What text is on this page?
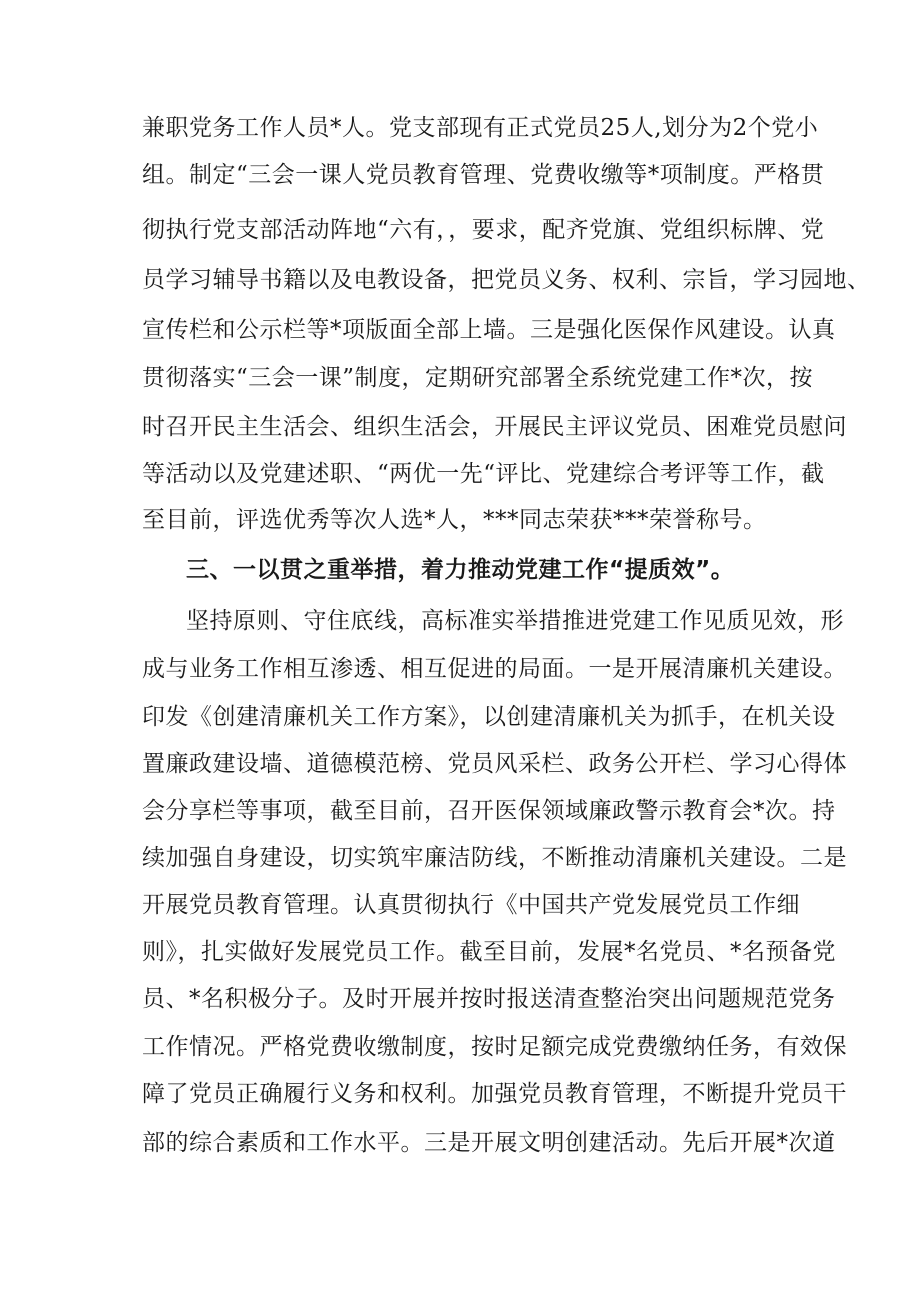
兼职党务工作人员*人。党支部现有正式党员25人,划分为2个党小
组。制定“三会一课人党员教育管理、党费收缴等*项制度。严格贯
彻执行党支部活动阵地“六有，，要求，配齐党旗、党组织标牌、党
员学习辅导书籍以及电教设备，把党员义务、权利、宗旨，学习园地、
宣传栏和公示栏等*项版面全部上墙。三是强化医保作风建设。认真
贯彻落实“三会一课”制度，定期研究部署全系统党建工作*次，按
时召开民主生活会、组织生活会，开展民主评议党员、困难党员慰问
等活动以及党建述职、“两优一先“评比、党建综合考评等工作，截
至目前，评选优秀等次人选*人，***同志荣获***荣誉称号。
三、一以贯之重举措，着力推动党建工作“提质效”。
坚持原则、守住底线，高标准实举措推进党建工作见质见效，形
成与业务工作相互渗透、相互促进的局面。一是开展清廉机关建设。
印发《创建清廉机关工作方案》，以创建清廉机关为抓手，在机关设
置廉政建设墙、道德模范榜、党员风采栏、政务公开栏、学习心得体
会分享栏等事项，截至目前，召开医保领域廉政警示教育会*次。持
续加强自身建设，切实筑牢廉洁防线，不断推动清廉机关建设。二是
开展党员教育管理。认真贯彻执行《中国共产党发展党员工作细
则》，扎实做好发展党员工作。截至目前，发展*名党员、*名预备党
员、*名积极分子。及时开展并按时报送清查整治突出问题规范党务
工作情况。严格党费收缴制度，按时足额完成党费缴纳任务，有效保
障了党员正确履行义务和权利。加强党员教育管理，不断提升党员干
部的综合素质和工作水平。三是开展文明创建活动。先后开展*次道
